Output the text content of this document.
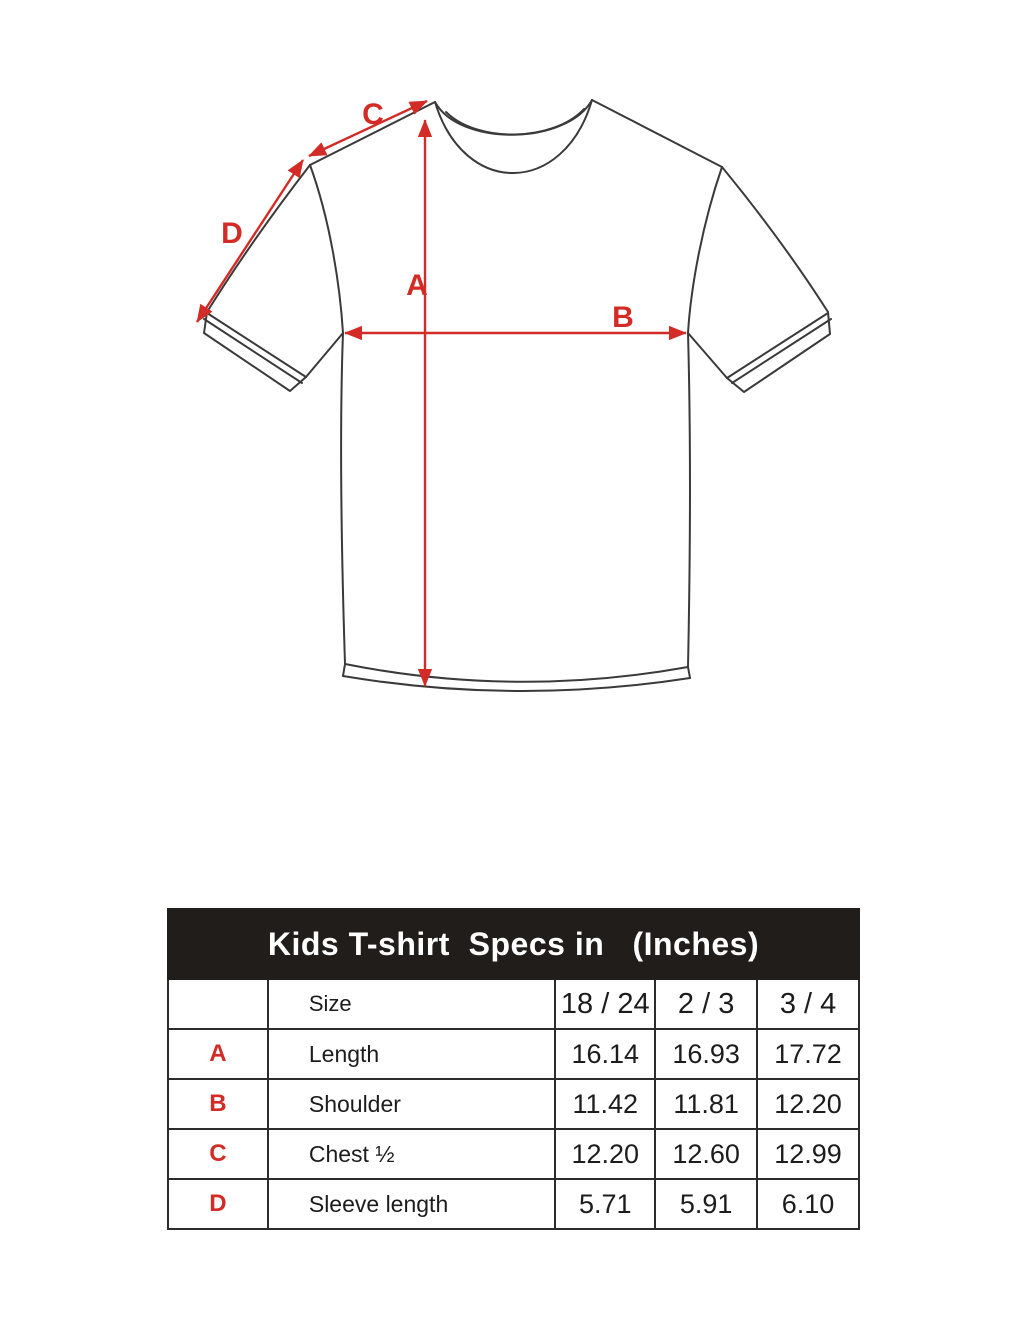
A
B
C
D
Kids T-shirt  Specs in   (Inches)				
	Size	18 / 24	2 / 3	3 / 4
A	Length	16.14	16.93	17.72
B	Shoulder	11.42	11.81	12.20
C	Chest ½	12.20	12.60	12.99
D	Sleeve length	5.71	5.91	6.10
